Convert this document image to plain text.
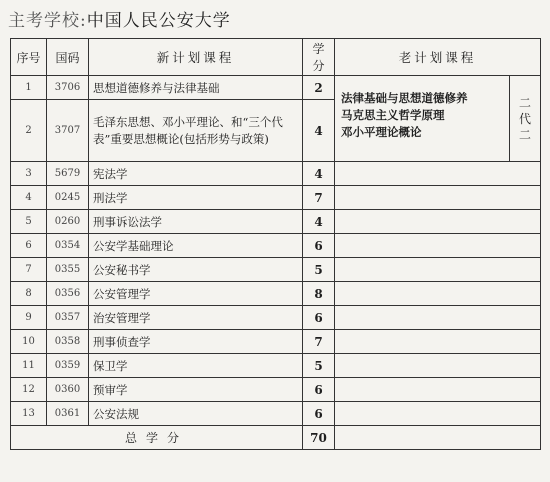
主考学校:中国人民公安大学
序号	国码	新计划课程	学分	老计划课程	
1	3706	思想道德修养与法律基础	2	法律基础与思想道德修养
马克思主义哲学原理
邓小平理论概论	二代二
2	3707	毛泽东思想、邓小平理论、和“三个代表”重要思想概论(包括形势与政策)	4		
3	5679	宪法学	4		
4	0245	刑法学	7		
5	0260	刑事诉讼法学	4		
6	0354	公安学基础理论	6		
7	0355	公安秘书学	5		
8	0356	公安管理学	8		
9	0357	治安管理学	6		
10	0358	刑事侦查学	7		
11	0359	保卫学	5		
12	0360	预审学	6		
13	0361	公安法规	6		
总学分			70		
